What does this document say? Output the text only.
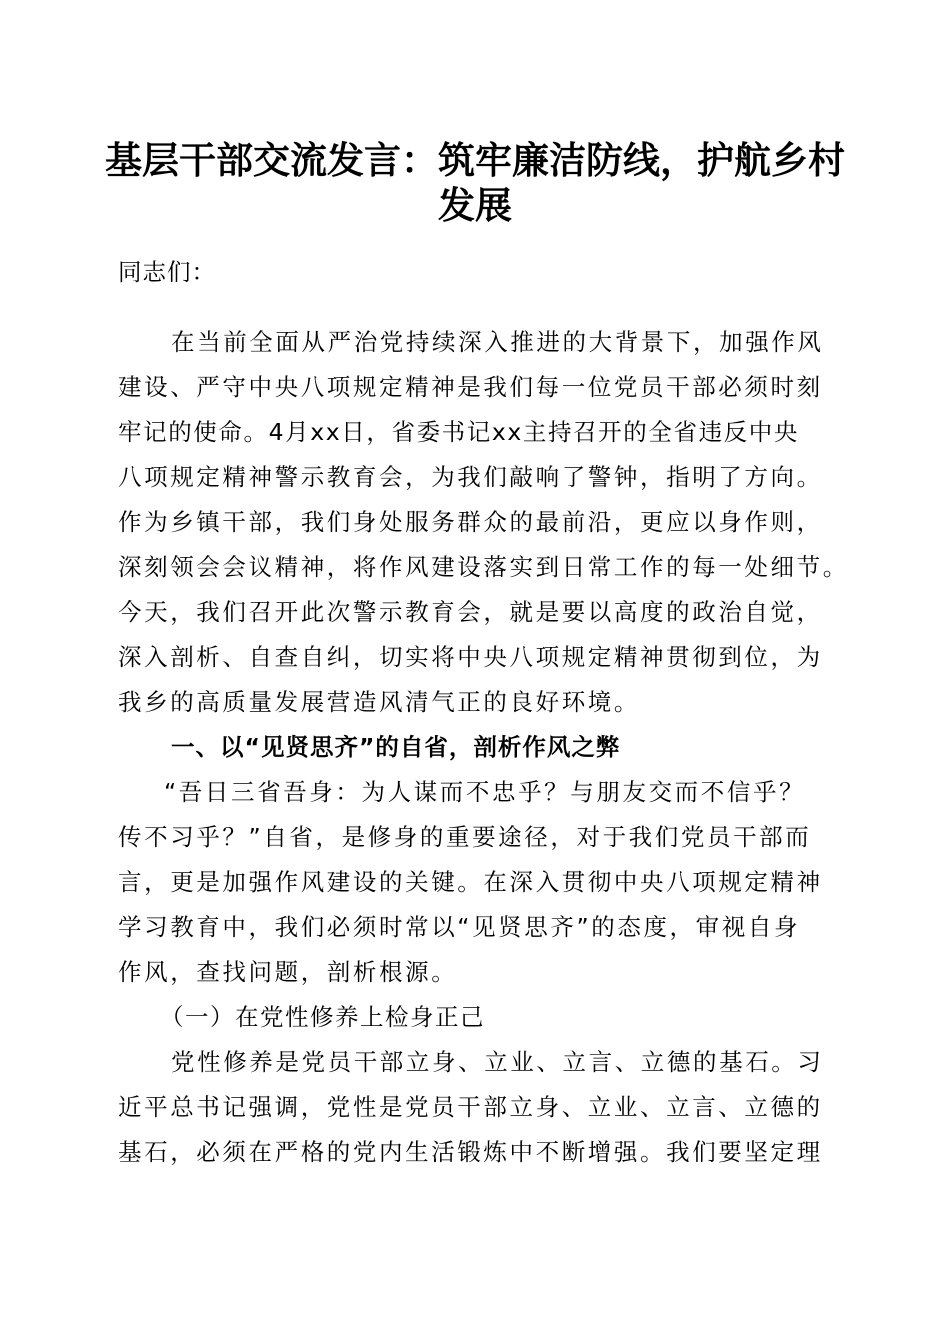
基层干部交流发言：筑牢廉洁防线，护航乡村
发展
同志们：
在当前全面从严治党持续深入推进的大背景下，加强作风
建设、严守中央八项规定精神是我们每一位党员干部必须时刻
牢记的使命。4月xx日，省委书记xx主持召开的全省违反中央
八项规定精神警示教育会，为我们敲响了警钟，指明了方向。
作为乡镇干部，我们身处服务群众的最前沿，更应以身作则，
深刻领会会议精神，将作风建设落实到日常工作的每一处细节。
今天，我们召开此次警示教育会，就是要以高度的政治自觉，
深入剖析、自查自纠，切实将中央八项规定精神贯彻到位，为
我乡的高质量发展营造风清气正的良好环境。
一、以“见贤思齐”的自省，剖析作风之弊
“吾日三省吾身：为人谋而不忠乎？与朋友交而不信乎？
传不习乎？”自省，是修身的重要途径，对于我们党员干部而
言，更是加强作风建设的关键。在深入贯彻中央八项规定精神
学习教育中，我们必须时常以“见贤思齐”的态度，审视自身
作风，查找问题，剖析根源。
（一）在党性修养上检身正己
党性修养是党员干部立身、立业、立言、立德的基石。习
近平总书记强调，党性是党员干部立身、立业、立言、立德的
基石，必须在严格的党内生活锻炼中不断增强。我们要坚定理
